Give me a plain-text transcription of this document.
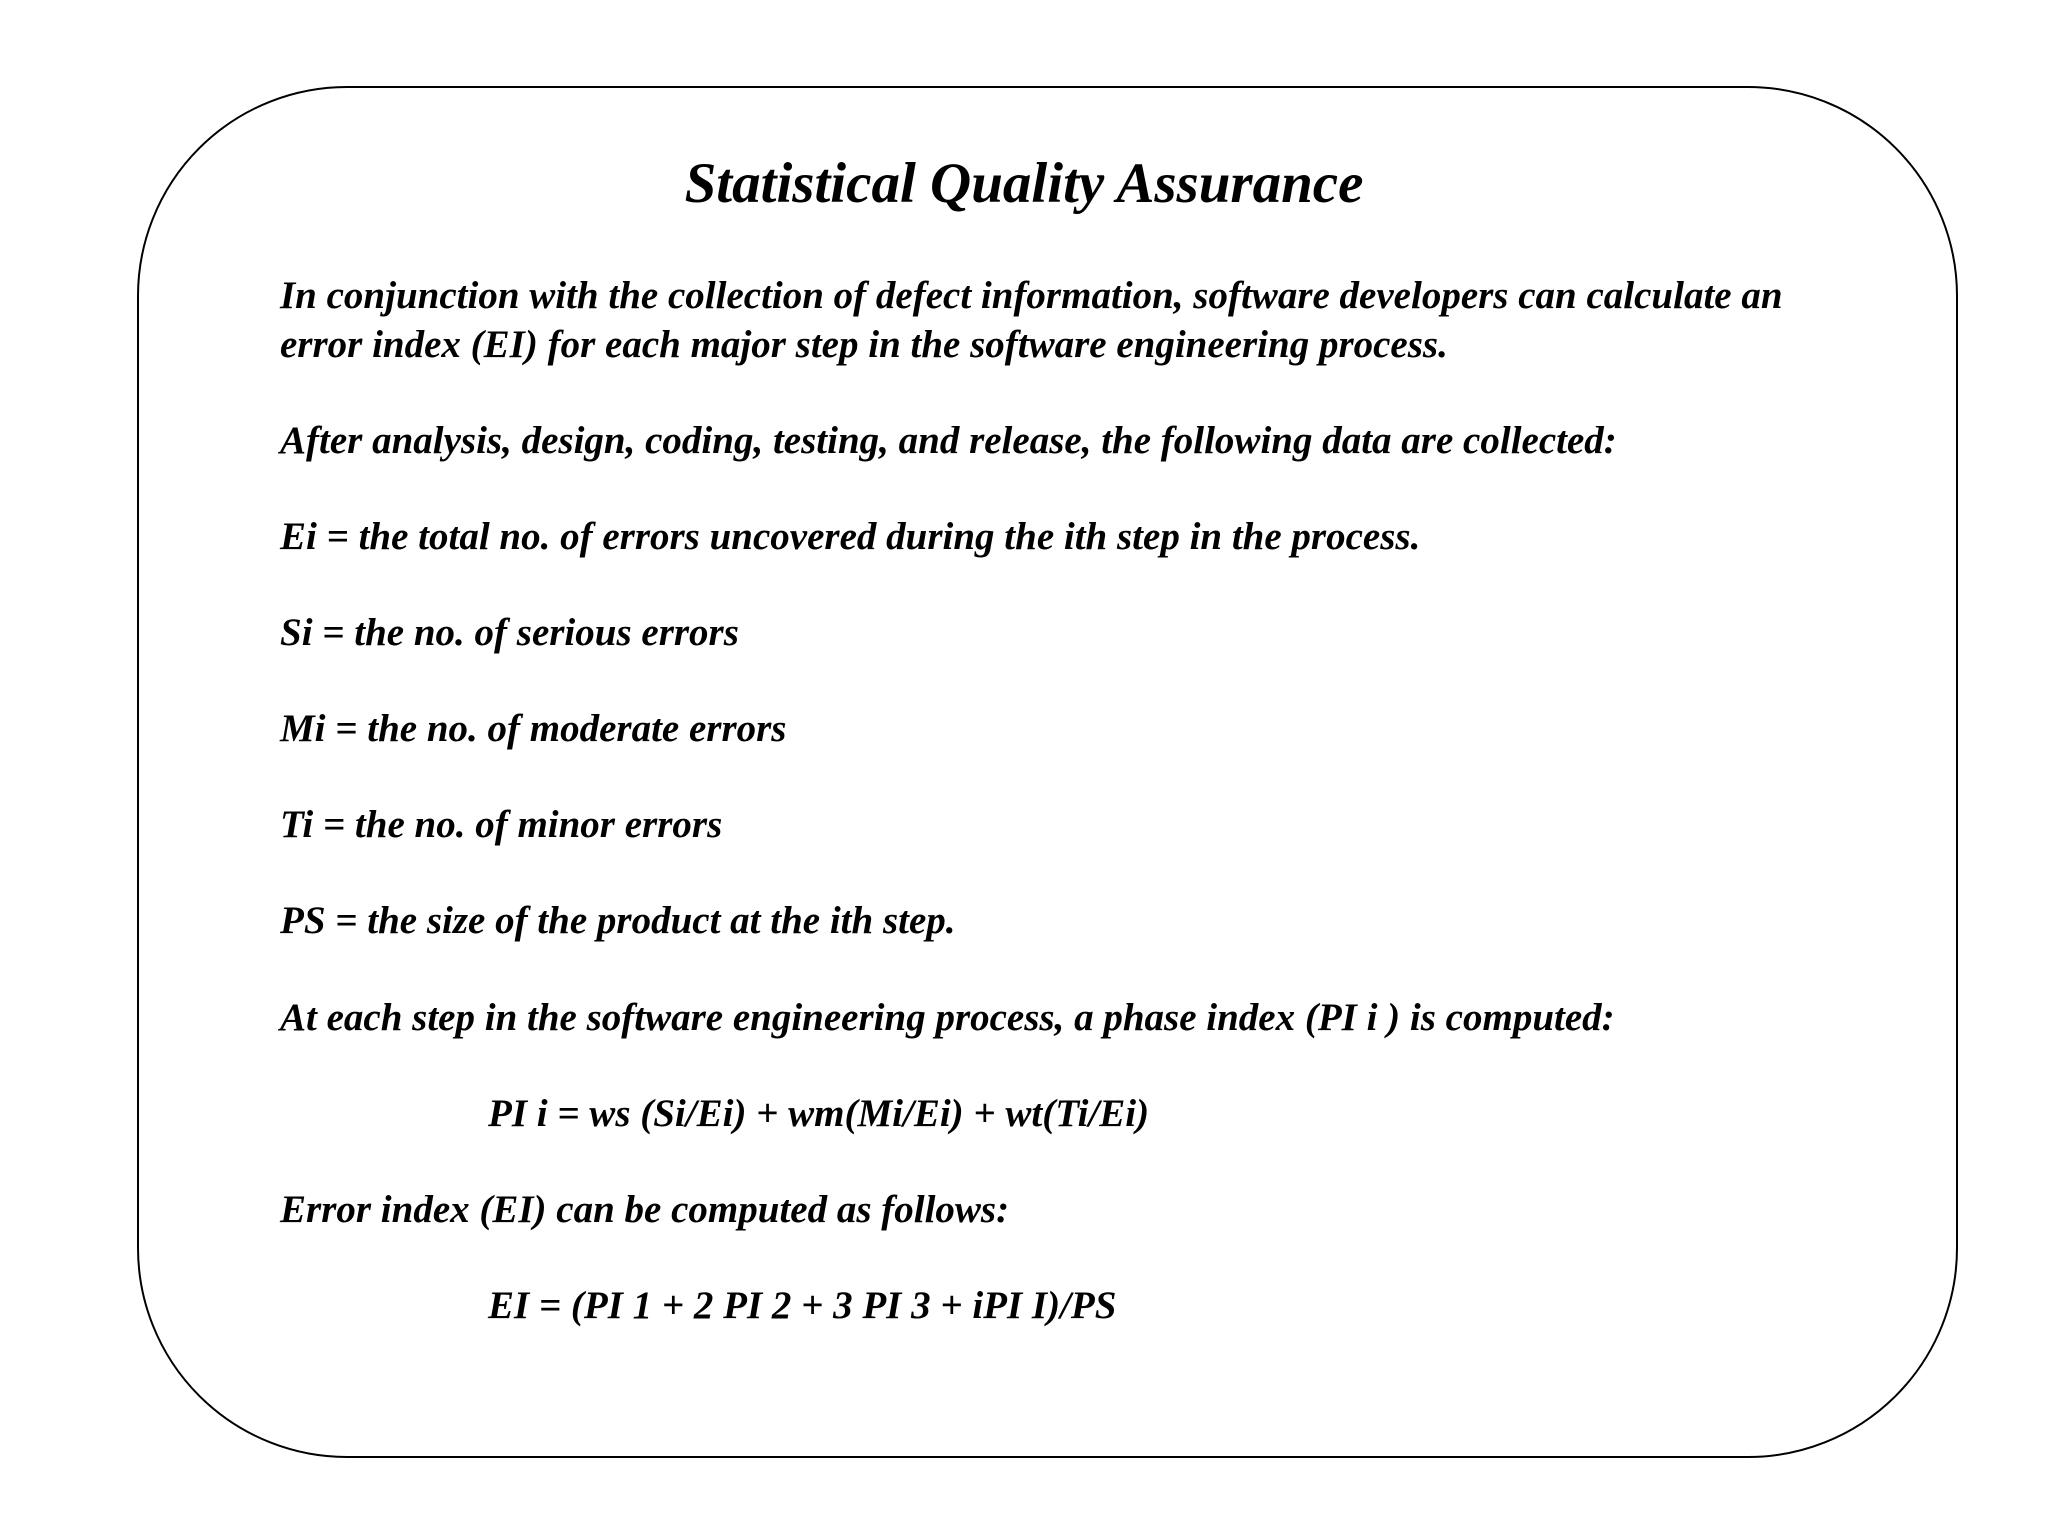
Statistical Quality Assurance

In conjunction with the collection of defect information, software developers can calculate an

error index (EI) for each major step in the software engineering process.

After analysis, design, coding, testing, and release, the following data are collected:

Ei = the total no. of errors uncovered during the ith step in the process.

Si = the no. of serious errors

Mi = the no. of moderate errors

Ti = the no. of minor errors

PS = the size of the product at the ith step.

At each step in the software engineering process, a phase index (PI i ) is computed:

PI i = ws (Si/Ei) + wm(Mi/Ei) + wt(Ti/Ei)

Error index (EI) can be computed as follows:

EI = (PI 1 + 2 PI 2 + 3 PI 3 + iPI I)/PS
